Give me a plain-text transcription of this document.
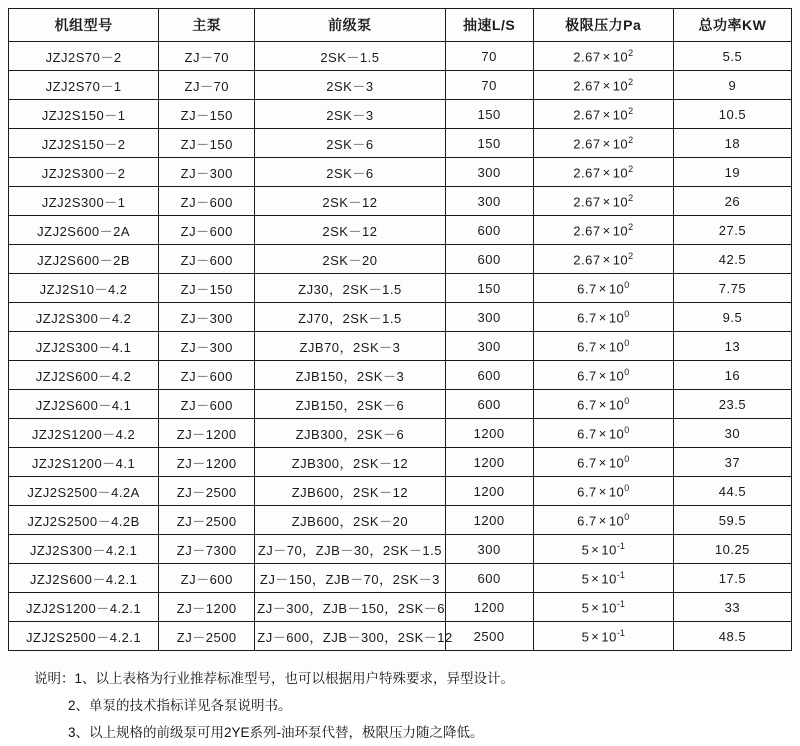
机组型号	主泵	前级泵	抽速L/S	极限压力Pa	总功率KW
JZJ2S70－2	ZJ－70	2SK－1.5	70	$2.67 \times 10^2$	5.5
JZJ2S70－1	ZJ－70	2SK－3	70	$2.67 \times 10^2$	9
JZJ2S150－1	ZJ－150	2SK－3	150	$2.67 \times 10^2$	10.5
JZJ2S150－2	ZJ－150	2SK－6	150	$2.67 \times 10^2$	18
JZJ2S300－2	ZJ－300	2SK－6	300	$2.67 \times 10^2$	19
JZJ2S300－1	ZJ－600	2SK－12	300	$2.67 \times 10^2$	26
JZJ2S600－2A	ZJ－600	2SK－12	600	$2.67 \times 10^2$	27.5
JZJ2S600－2B	ZJ－600	2SK－20	600	$2.67 \times 10^2$	42.5
JZJ2S10－4.2	ZJ－150	ZJ30，2SK－1.5	150	$6.7 \times 10^0$	7.75
JZJ2S300－4.2	ZJ－300	ZJ70，2SK－1.5	300	$6.7 \times 10^0$	9.5
JZJ2S300－4.1	ZJ－300	ZJB70，2SK－3	300	$6.7 \times 10^0$	13
JZJ2S600－4.2	ZJ－600	ZJB150，2SK－3	600	$6.7 \times 10^0$	16
JZJ2S600－4.1	ZJ－600	ZJB150，2SK－6	600	$6.7 \times 10^0$	23.5
JZJ2S1200－4.2	ZJ－1200	ZJB300，2SK－6	1200	$6.7 \times 10^0$	30
JZJ2S1200－4.1	ZJ－1200	ZJB300，2SK－12	1200	$6.7 \times 10^0$	37
JZJ2S2500－4.2A	ZJ－2500	ZJB600，2SK－12	1200	$6.7 \times 10^0$	44.5
JZJ2S2500－4.2B	ZJ－2500	ZJB600，2SK－20	1200	$6.7 \times 10^0$	59.5
JZJ2S300－4.2.1	ZJ－7300	ZJ－70，ZJB－30，2SK－1.5	300	$5 \times 10^{-1}$	10.25
JZJ2S600－4.2.1	ZJ－600	ZJ－150，ZJB－70，2SK－3	600	$5 \times 10^{-1}$	17.5
JZJ2S1200－4.2.1	ZJ－1200	ZJ－300，ZJB－150，2SK－6	1200	$5 \times 10^{-1}$	33
JZJ2S2500－4.2.1	ZJ－2500	ZJ－600，ZJB－300，2SK－12	2500	$5 \times 10^{-1}$	48.5
说明：1、以上表格为行业推荐标准型号，也可以根据用户特殊要求，异型设计。
2、单泵的技术指标详见各泵说明书。
3、以上规格的前级泵可用2YE系列-油环泵代替，极限压力随之降低。
